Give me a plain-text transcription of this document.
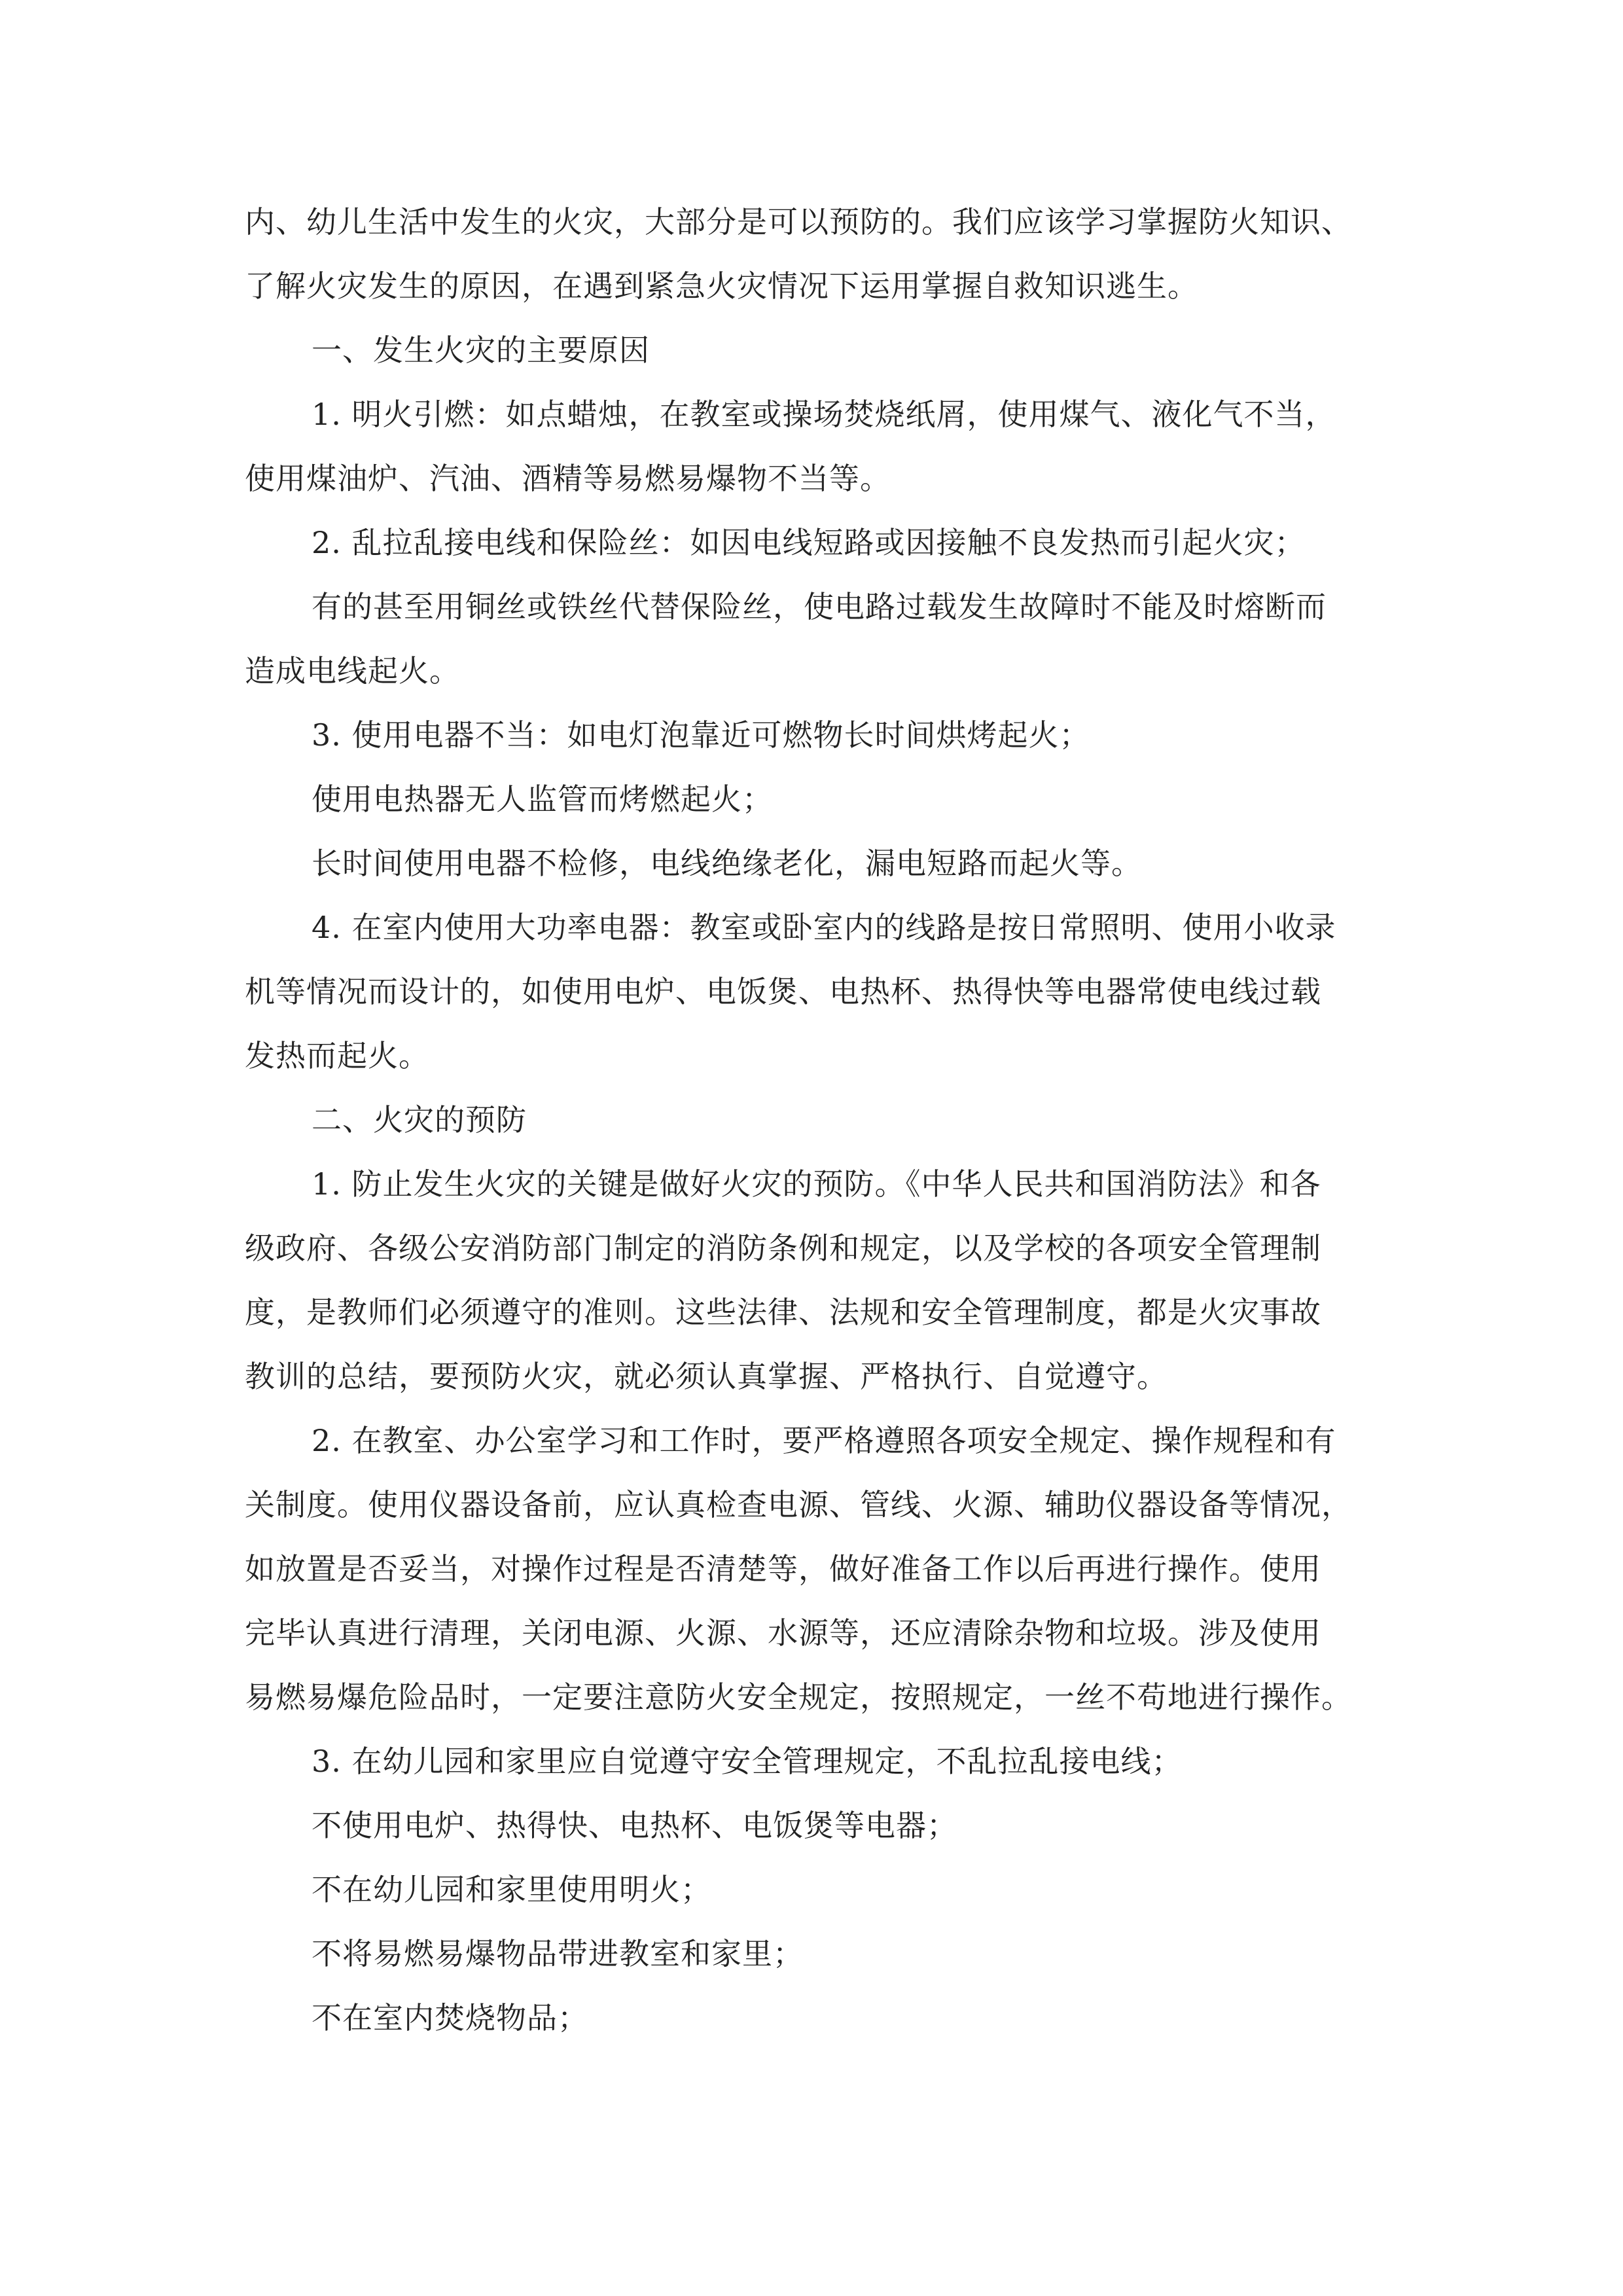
内、幼儿生活中发生的火灾，大部分是可以预防的。我们应该学习掌握防火知识、

了解火灾发生的原因，在遇到紧急火灾情况下运用掌握自救知识逃生。

一、发生火灾的主要原因

1. 明火引燃：如点蜡烛，在教室或操场焚烧纸屑，使用煤气、液化气不当，

使用煤油炉、汽油、酒精等易燃易爆物不当等。

2. 乱拉乱接电线和保险丝：如因电线短路或因接触不良发热而引起火灾；

有的甚至用铜丝或铁丝代替保险丝，使电路过载发生故障时不能及时熔断而

造成电线起火。

3. 使用电器不当：如电灯泡靠近可燃物长时间烘烤起火；

使用电热器无人监管而烤燃起火；

长时间使用电器不检修，电线绝缘老化，漏电短路而起火等。

4. 在室内使用大功率电器：教室或卧室内的线路是按日常照明、使用小收录

机等情况而设计的，如使用电炉、电饭煲、电热杯、热得快等电器常使电线过载

发热而起火。

二、火灾的预防

1. 防止发生火灾的关键是做好火灾的预防。《中华人民共和国消防法》和各

级政府、各级公安消防部门制定的消防条例和规定，以及学校的各项安全管理制

度，是教师们必须遵守的准则。这些法律、法规和安全管理制度，都是火灾事故

教训的总结，要预防火灾，就必须认真掌握、严格执行、自觉遵守。

2. 在教室、办公室学习和工作时，要严格遵照各项安全规定、操作规程和有

关制度。使用仪器设备前，应认真检查电源、管线、火源、辅助仪器设备等情况，

如放置是否妥当，对操作过程是否清楚等，做好准备工作以后再进行操作。使用

完毕认真进行清理，关闭电源、火源、水源等，还应清除杂物和垃圾。涉及使用

易燃易爆危险品时，一定要注意防火安全规定，按照规定，一丝不苟地进行操作。

3. 在幼儿园和家里应自觉遵守安全管理规定，不乱拉乱接电线；

不使用电炉、热得快、电热杯、电饭煲等电器；

不在幼儿园和家里使用明火；

不将易燃易爆物品带进教室和家里；

不在室内焚烧物品；
